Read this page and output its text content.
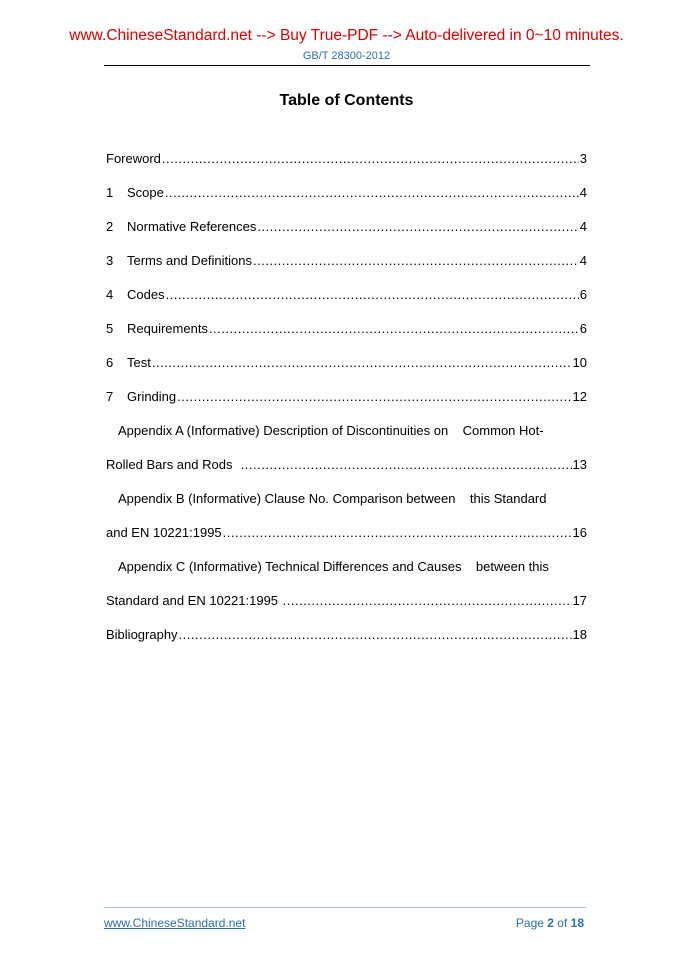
www.ChineseStandard.net --> Buy True-PDF --> Auto-delivered in 0~10 minutes.
GB/T 28300-2012
Table of Contents
Foreword .....	3
1	Scope .....	4
2	Normative References .....	4
3	Terms and Definitions .....	4
4	Codes .....	6
5	Requirements .....	6
6	Test .....	10
7	Grinding .....	12
Appendix A (Informative) Description of Discontinuities on    Common Hot-
Rolled Bars and Rods .....	13
Appendix B (Informative) Clause No. Comparison between    this Standard
and EN 10221:1995 .....	16
Appendix C (Informative) Technical Differences and Causes    between this
Standard and EN 10221:1995 .....	17
Bibliography .....	18
www.ChineseStandard.net	Page 2 of 18
